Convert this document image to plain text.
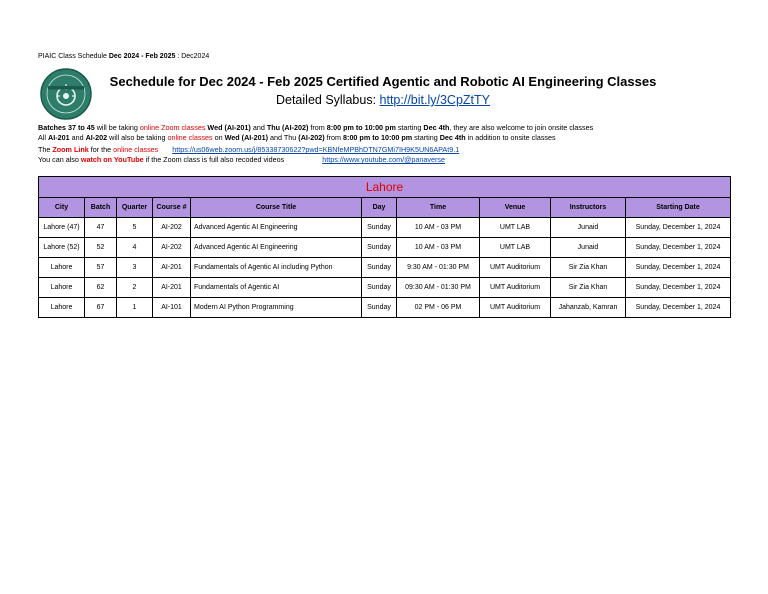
PIAIC Class Schedule Dec 2024 - Feb 2025 : Dec2024
Sechedule for Dec 2024 - Feb 2025 Certified Agentic and Robotic AI Engineering Classes
Detailed Syllabus: http://bit.ly/3CpZtTY
Batches 37 to 45 will be taking online Zoom classes Wed (AI-201) and Thu (AI-202) from 8:00 pm to 10:00 pm starting Dec 4th, they are also welcome to join onsite classes
All AI-201 and AI-202 will also be taking online classes on Wed (AI-201) and Thu (AI-202) from 8:00 pm to 10:00 pm starting Dec 4th in addition to onsite classes
The Zoom Link for the online classes https://us06web.zoom.us/j/85338730622?pwd=KBNfeMPBhDTN7GMi7IH9K5UN6APAt9.1
You can also watch on YouTube if the Zoom class is full also recoded videos	https://www.youtube.com/@panaverse
Lahore									
City	Batch	Quarter	Course #	Course Title	Day	Time	Venue	Instructors	Starting Date
Lahore (47)	47	5	AI-202	Advanced Agentic AI Engineering	Sunday	10 AM - 03 PM	UMT LAB	Junaid	Sunday, December 1, 2024
Lahore (52)	52	4	AI-202	Advanced Agentic AI Engineering	Sunday	10 AM - 03 PM	UMT LAB	Junaid	Sunday, December 1, 2024
Lahore	57	3	AI-201	Fundamentals of Agentic AI including Python	Sunday	9:30 AM - 01:30 PM	UMT Auditorium	Sir Zia Khan	Sunday, December 1, 2024
Lahore	62	2	AI-201	Fundamentals of Agentic AI	Sunday	09:30 AM - 01:30 PM	UMT Auditorium	Sir Zia Khan	Sunday, December 1, 2024
Lahore	67	1	AI-101	Modern AI Python Programming	Sunday	02 PM - 06 PM	UMT Auditorium	Jahanzab, Kamran	Sunday, December 1, 2024
